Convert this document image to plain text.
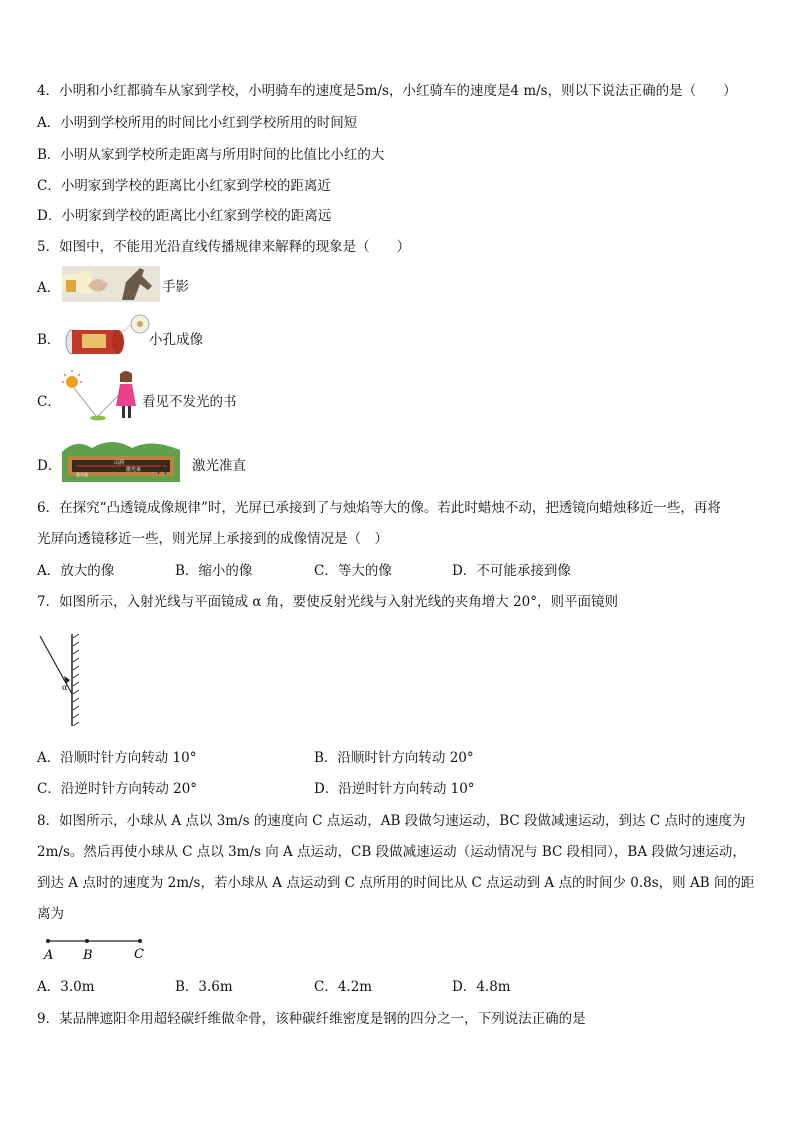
4．小明和小红都骑车从家到学校，小明骑车的速度是5m/s，小红骑车的速度是4 m/s，则以下说法正确的是（　　）
A．小明到学校所用的时间比小红到学校所用的时间短
B．小明从家到学校所走距离与所用时间的比值比小红的大
C．小明家到学校的距离比小红家到学校的距离近
D．小明家到学校的距离比小红家到学校的距离远
5．如图中，不能用光沿直线传播规律来解释的现象是（　　）
A．	手影
B．	小孔成像
C．	看见不发光的书
D．	山洞
激光束
激光器
激光准直
6．在探究“凸透镜成像规律”时，光屏已承接到了与烛焰等大的像。若此时蜡烛不动，把透镜向蜡烛移近一些，再将
光屏向透镜移近一些，则光屏上承接到的成像情况是（　）
A．放大的像	B．缩小的像	C．等大的像	D．不可能承接到像
7．如图所示，入射光线与平面镜成 α 角，要使反射光线与入射光线的夹角增大 20°，则平面镜则
α
A．沿顺时针方向转动 10°	B．沿顺时针方向转动 20°
C．沿逆时针方向转动 20°	D．沿逆时针方向转动 10°
8．如图所示，小球从 A 点以 3m/s 的速度向 C 点运动，AB 段做匀速运动，BC 段做减速运动，到达 C 点时的速度为
2m/s。然后再使小球从 C 点以 3m/s 向 A 点运动，CB 段做减速运动（运动情况与 BC 段相同），BA 段做匀速运动，
到达 A 点时的速度为 2m/s，若小球从 A 点运动到 C 点所用的时间比从 C 点运动到 A 点的时间少 0.8s，则 AB 间的距
离为
A B	C
A．3.0m	B．3.6m	C．4.2m	D．4.8m
9．某品牌遮阳伞用超轻碳纤维做伞骨，该种碳纤维密度是钢的四分之一，下列说法正确的是
